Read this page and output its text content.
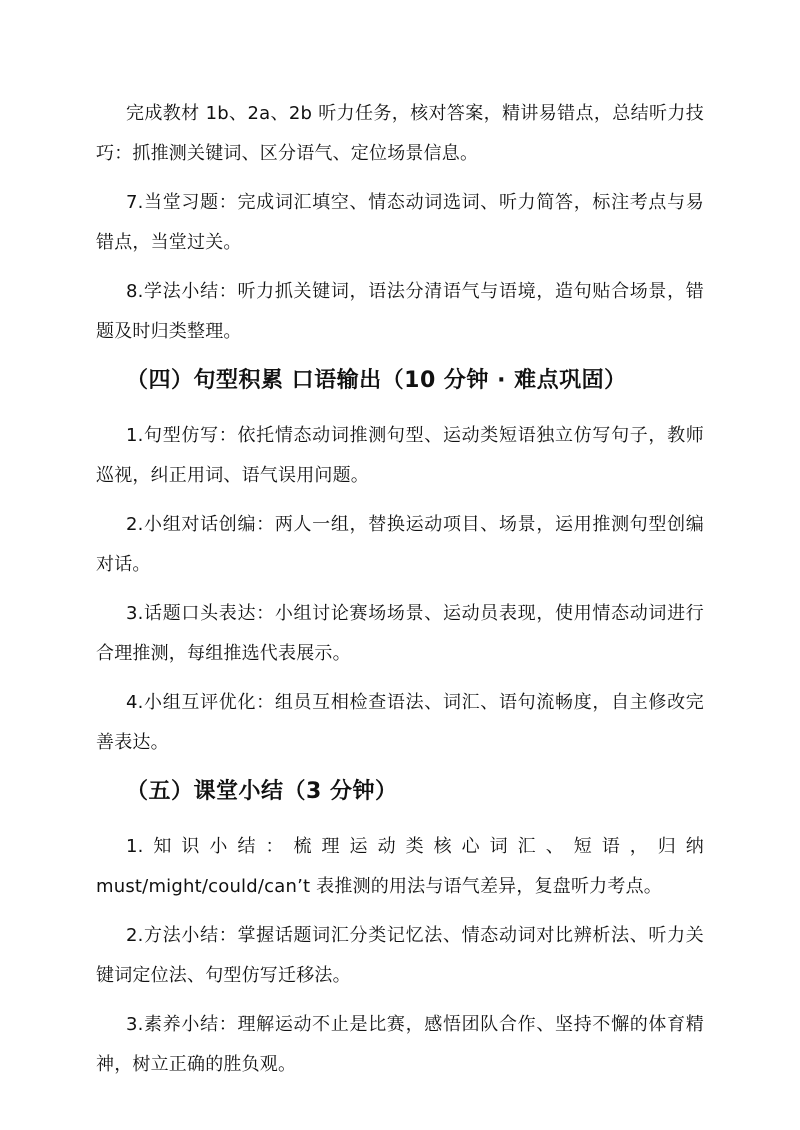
完成教材 1b、2a、2b 听力任务，核对答案，精讲易错点，总结听力技巧：抓推测关键词、区分语气、定位场景信息。

7.当堂习题：完成词汇填空、情态动词选词、听力简答，标注考点与易错点，当堂过关。

8.学法小结：听力抓关键词，语法分清语气与语境，造句贴合场景，错题及时归类整理。

（四）句型积累 口语输出（10 分钟 · 难点巩固）

1.句型仿写：依托情态动词推测句型、运动类短语独立仿写句子，教师巡视，纠正用词、语气误用问题。

2.小组对话创编：两人一组，替换运动项目、场景，运用推测句型创编对话。

3.话题口头表达：小组讨论赛场场景、运动员表现，使用情态动词进行合理推测，每组推选代表展示。

4.小组互评优化：组员互相检查语法、词汇、语句流畅度，自主修改完善表达。

（五）课堂小结（3 分钟）

1.知识小结：梳理运动类核心词汇、短语，归纳 must/might/could/can’t 表推测的用法与语气差异，复盘听力考点。

2.方法小结：掌握话题词汇分类记忆法、情态动词对比辨析法、听力关键词定位法、句型仿写迁移法。

3.素养小结：理解运动不止是比赛，感悟团队合作、坚持不懈的体育精神，树立正确的胜负观。
